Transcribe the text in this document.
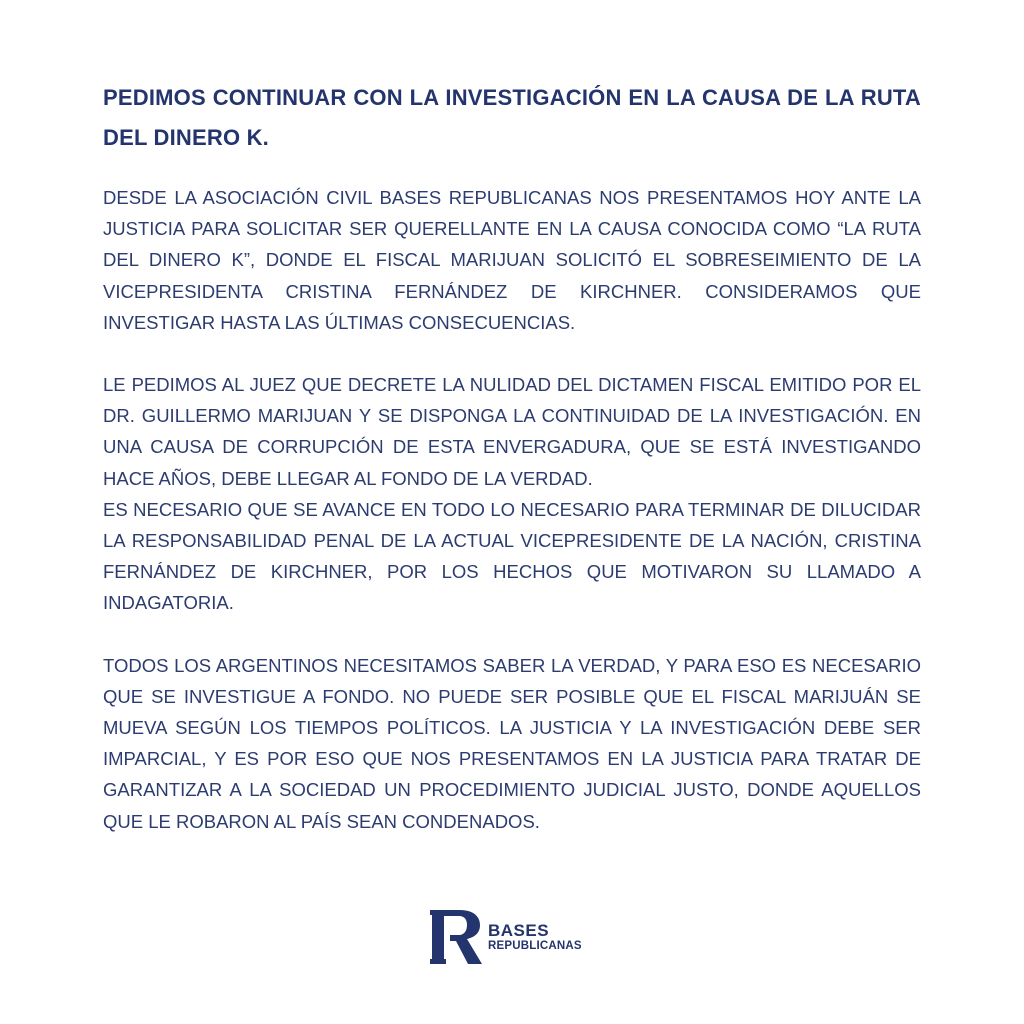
PEDIMOS CONTINUAR CON LA INVESTIGACIÓN EN LA CAUSA DE LA RUTA DEL DINERO K.

DESDE LA ASOCIACIÓN CIVIL BASES REPUBLICANAS NOS PRESENTAMOS HOY ANTE LA JUSTICIA PARA SOLICITAR SER QUERELLANTE EN LA CAUSA CONOCIDA COMO “LA RUTA DEL DINERO K”, DONDE EL FISCAL MARIJUAN SOLICITÓ EL SOBRESEIMIENTO DE LA VICEPRESIDENTA CRISTINA FERNÁNDEZ DE KIRCHNER. CONSIDERAMOS QUE INVESTIGAR HASTA LAS ÚLTIMAS CONSECUENCIAS.

LE PEDIMOS AL JUEZ QUE DECRETE LA NULIDAD DEL DICTAMEN FISCAL EMITIDO POR EL DR. GUILLERMO MARIJUAN Y SE DISPONGA LA CONTINUIDAD DE LA INVESTIGACIÓN. EN UNA CAUSA DE CORRUPCIÓN DE ESTA ENVERGADURA, QUE SE ESTÁ INVESTIGANDO HACE AÑOS, DEBE LLEGAR AL FONDO DE LA VERDAD.

ES NECESARIO QUE SE AVANCE EN TODO LO NECESARIO PARA TERMINAR DE DILUCIDAR LA RESPONSABILIDAD PENAL DE LA ACTUAL VICEPRESIDENTE DE LA NACIÓN, CRISTINA FERNÁNDEZ DE KIRCHNER, POR LOS HECHOS QUE MOTIVARON SU LLAMADO A INDAGATORIA.

TODOS LOS ARGENTINOS NECESITAMOS SABER LA VERDAD, Y PARA ESO ES NECESARIO QUE SE INVESTIGUE A FONDO. NO PUEDE SER POSIBLE QUE EL FISCAL MARIJUÁN SE MUEVA SEGÚN LOS TIEMPOS POLÍTICOS. LA JUSTICIA Y LA INVESTIGACIÓN DEBE SER IMPARCIAL, Y ES POR ESO QUE NOS PRESENTAMOS EN LA JUSTICIA PARA TRATAR DE GARANTIZAR A LA SOCIEDAD UN PROCEDIMIENTO JUDICIAL JUSTO, DONDE AQUELLOS QUE LE ROBARON AL PAÍS SEAN CONDENADOS.

BASES
REPUBLICANAS
